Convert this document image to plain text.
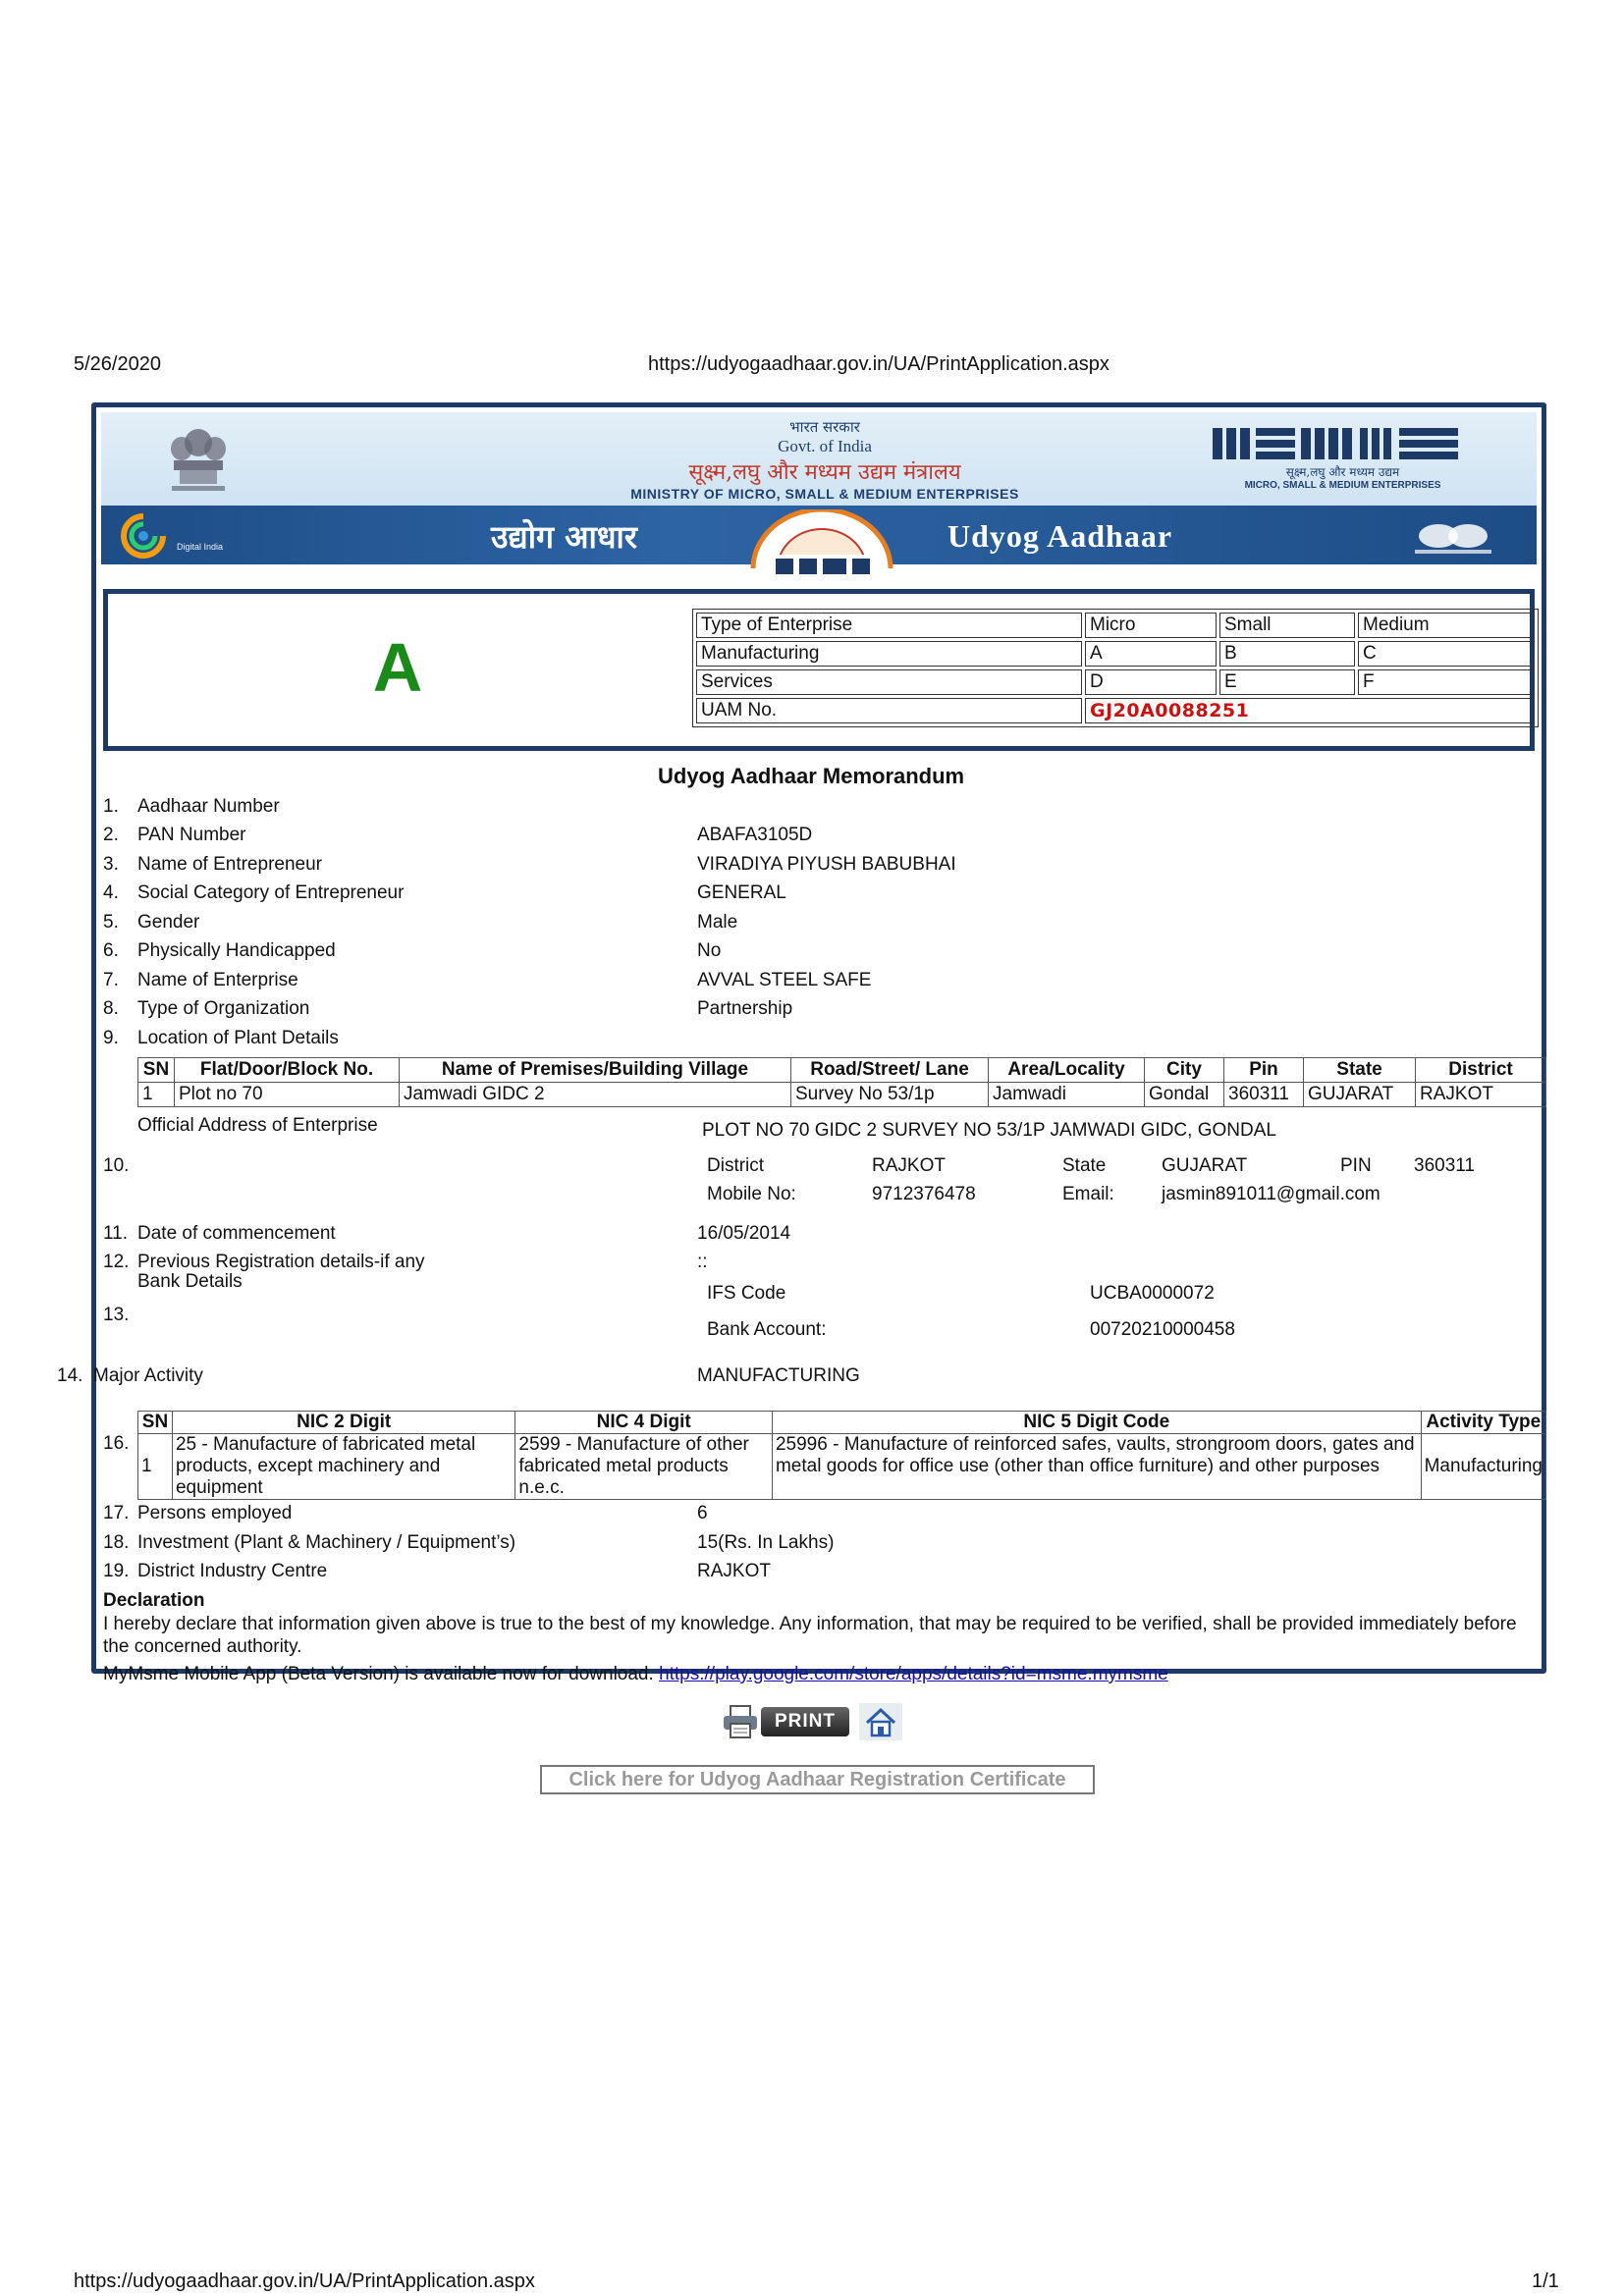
5/26/2020	https://udyogaadhaar.gov.in/UA/PrintApplication.aspx
https://udyogaadhaar.gov.in/UA/PrintApplication.aspx	1/1
भारत सरकार
Govt. of India
सूक्ष्म,लघु और मध्यम उद्यम मंत्रालय
MINISTRY OF MICRO, SMALL & MEDIUM ENTERPRISES
सूक्ष्म,लघु और मध्यम उद्यम
MICRO, SMALL & MEDIUM ENTERPRISES
Digital India	उद्योग आधार	Udyog Aadhaar
A
Type of Enterprise	Micro	Small	Medium
Manufacturing	A	B	C
Services	D	E	F
UAM No.	GJ20A0088251		
Udyog Aadhaar Memorandum
1. Aadhaar Number
2. PAN Number	ABAFA3105D
3. Name of Entrepreneur	VIRADIYA PIYUSH BABUBHAI
4. Social Category of Entrepreneur	GENERAL
5. Gender	Male
6. Physically Handicapped	No
7. Name of Enterprise	AVVAL STEEL SAFE
8. Type of Organization	Partnership
9. Location of Plant Details
SN	Flat/Door/Block No.	Name of Premises/Building Village	Road/Street/ Lane	Area/Locality	City	Pin	State	District
1	Plot no 70	Jamwadi GIDC 2	Survey No 53/1p	Jamwadi	Gondal	360311	GUJARAT	RAJKOT
Official Address of Enterprise	PLOT NO 70 GIDC 2 SURVEY NO 53/1P JAMWADI GIDC, GONDAL
10.	District	RAJKOT	State	GUJARAT	PIN 360311
Mobile No:	9712376478	Email:	jasmin891011@gmail.com
11. Date of commencement	16/05/2014
12. Previous Registration details-if any	::
Bank Details
13.
IFS Code	UCBA0000072
Bank Account:	00720210000458
14. Major Activity	MANUFACTURING
16.
SN	NIC 2 Digit	NIC 4 Digit	NIC 5 Digit Code	Activity Type
1	25 - Manufacture of fabricated metal products, except machinery and equipment	2599 - Manufacture of other fabricated metal products n.e.c.	25996 - Manufacture of reinforced safes, vaults, strongroom doors, gates and metal goods for office use (other than office furniture) and other purposes	Manufacturing
17. Persons employed	6
18. Investment (Plant & Machinery / Equipment’s)	15(Rs. In Lakhs)
19. District Industry Centre	RAJKOT
Declaration
I hereby declare that information given above is true to the best of my knowledge. Any information, that may be required to be verified, shall be provided immediately before the concerned authority.
MyMsme Mobile App (Beta Version) is available now for download. https://play.google.com/store/apps/details?id=msme.mymsme
PRINT
Click here for Udyog Aadhaar Registration Certificate
